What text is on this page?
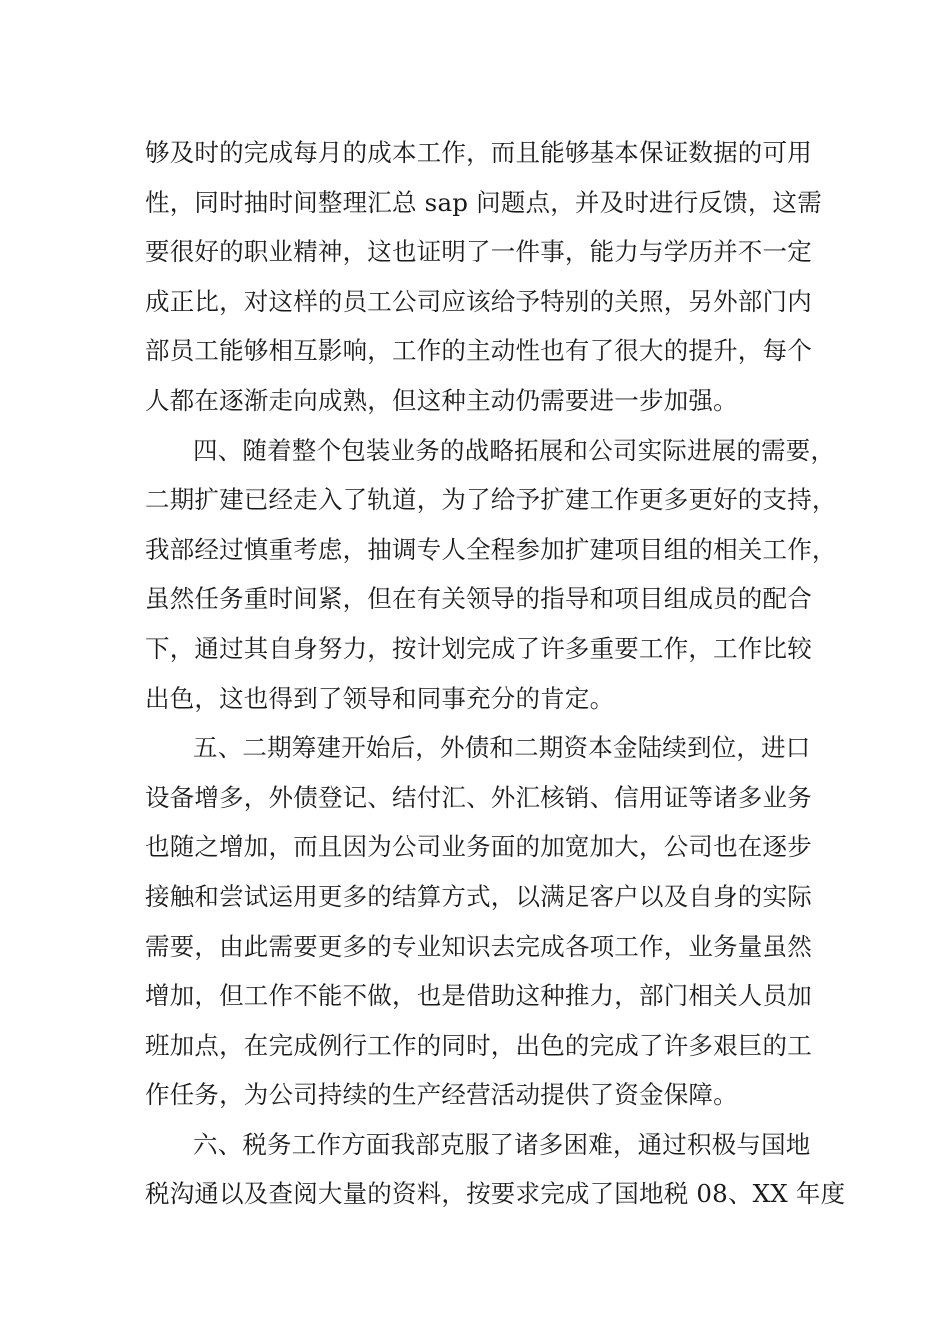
够及时的完成每月的成本工作，而且能够基本保证数据的可用
性，同时抽时间整理汇总 sap 问题点，并及时进行反馈，这需
要很好的职业精神，这也证明了一件事，能力与学历并不一定
成正比，对这样的员工公司应该给予特别的关照，另外部门内
部员工能够相互影响，工作的主动性也有了很大的提升，每个
人都在逐渐走向成熟，但这种主动仍需要进一步加强。
四、随着整个包装业务的战略拓展和公司实际进展的需要，
二期扩建已经走入了轨道，为了给予扩建工作更多更好的支持，
我部经过慎重考虑，抽调专人全程参加扩建项目组的相关工作，
虽然任务重时间紧，但在有关领导的指导和项目组成员的配合
下，通过其自身努力，按计划完成了许多重要工作，工作比较
出色，这也得到了领导和同事充分的肯定。
五、二期筹建开始后，外债和二期资本金陆续到位，进口
设备增多，外债登记、结付汇、外汇核销、信用证等诸多业务
也随之增加，而且因为公司业务面的加宽加大，公司也在逐步
接触和尝试运用更多的结算方式，以满足客户以及自身的实际
需要，由此需要更多的专业知识去完成各项工作，业务量虽然
增加，但工作不能不做，也是借助这种推力，部门相关人员加
班加点，在完成例行工作的同时，出色的完成了许多艰巨的工
作任务，为公司持续的生产经营活动提供了资金保障。
六、税务工作方面我部克服了诸多困难，通过积极与国地
税沟通以及查阅大量的资料，按要求完成了国地税 08、XX 年度
